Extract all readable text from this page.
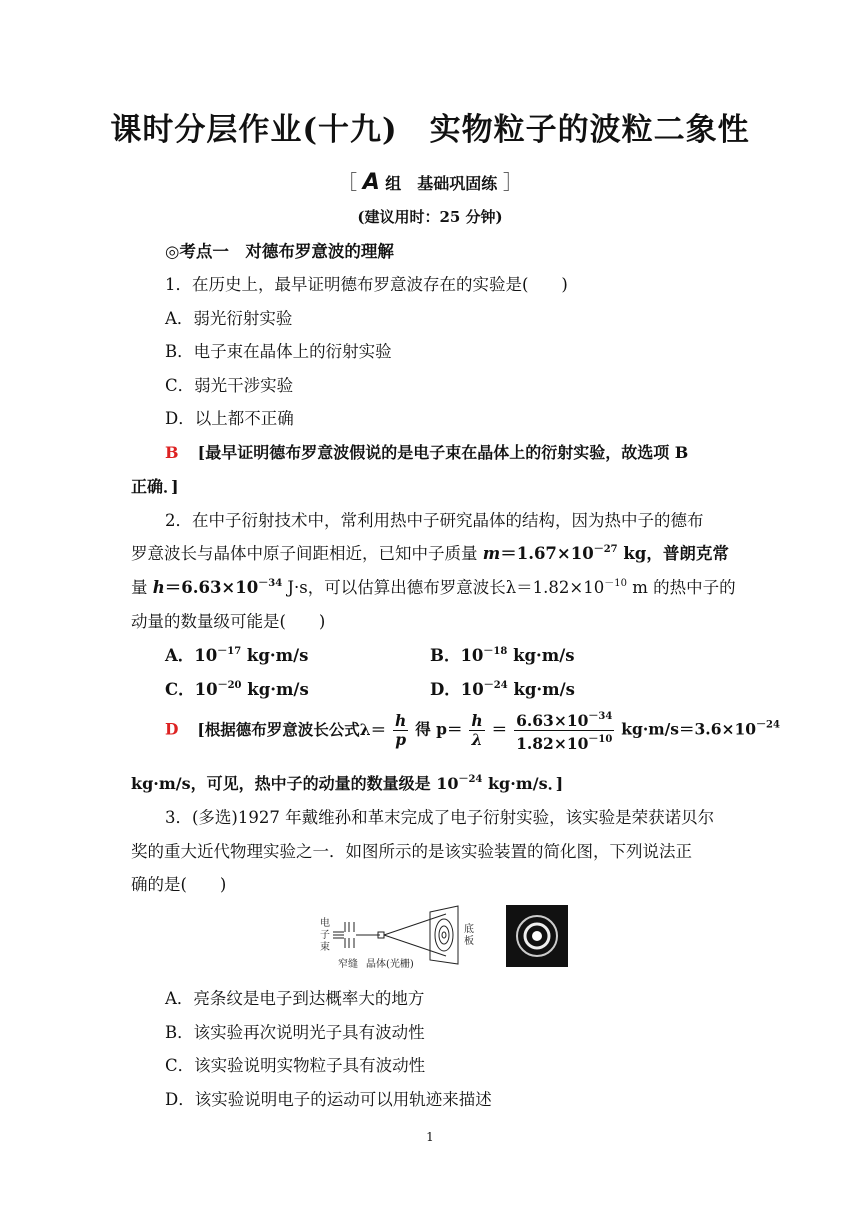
课时分层作业(十九)　实物粒子的波粒二象性
［ A 组　基础巩固练 ］
(建议用时：25 分钟)
◎考点一　对德布罗意波的理解
1．在历史上，最早证明德布罗意波存在的实验是(　　)
A．弱光衍射实验
B．电子束在晶体上的衍射实验
C．弱光干涉实验
D．以上都不正确
B [最早证明德布罗意波假说的是电子束在晶体上的衍射实验，故选项 B
正确．]
2．在中子衍射技术中，常利用热中子研究晶体的结构，因为热中子的德布
罗意波长与晶体中原子间距相近，已知中子质量 $m=1.67\times 10^{-27}$ kg，普朗克常
量 $h=6.63\times 10^{-34}$ J·s，可以估算出德布罗意波长$\lambda=1.82\times 10^{-10}$ m 的热中子的
动量的数量级可能是(　　)
A．$10^{-17}$ kg·m/s	B．$10^{-18}$ kg·m/s
C．$10^{-20}$ kg·m/s	D．$10^{-24}$ kg·m/s
D [根据德布罗意波长公式$\lambda= \frac{h}{p}$ 得 $p= \frac{h}{\lambda} = \frac{6.63\times 10^{-34}}{1.82\times 10^{-10}} kg\cdot m/s=3.6\times 10^{-24}$
kg·m/s，可见，热中子的动量的数量级是 $10^{-24}$ kg·m/s．]
3．(多选)1927 年戴维孙和革末完成了电子衍射实验，该实验是荣获诺贝尔
奖的重大近代物理实验之一．如图所示的是该实验装置的简化图，下列说法正
确的是(　　)
电
子
束
底
板
窄缝 晶体(光栅)
A．亮条纹是电子到达概率大的地方
B．该实验再次说明光子具有波动性
C．该实验说明实物粒子具有波动性
D．该实验说明电子的运动可以用轨迹来描述
1
